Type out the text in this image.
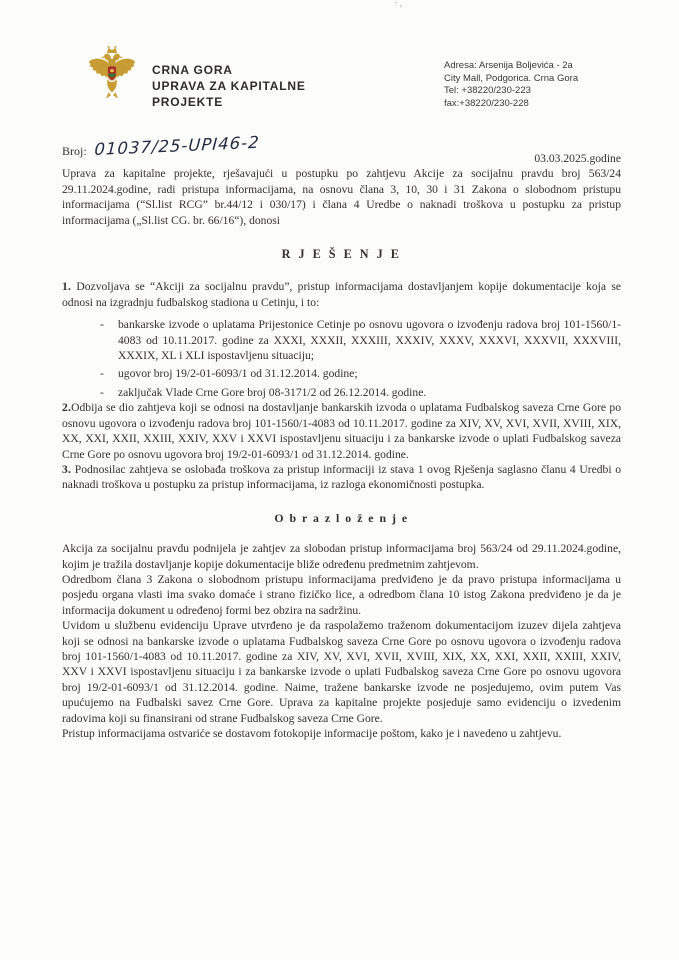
·‚
CRNA GORA
UPRAVA ZA KAPITALNE
PROJEKTE
Adresa: Arsenija Boljevića - 2a
City Mall, Podgorica. Crna Gora
Tel: +38220/230-223
fax:+38220/230-228
Broj: 01037/25-UPI46-2	03.03.2025.godine

Uprava za kapitalne projekte, rješavajući u postupku po zahtjevu Akcije za socijalnu pravdu broj 563/24 29.11.2024.godine, radi pristupa informacijama, na osnovu člana 3, 10, 30 i 31 Zakona o slobodnom pristupu informacijama (“Sl.list RCG” br.44/12 i 030/17) i člana 4 Uredbe o naknadi troškova u postupku za pristup informacijama („Sl.list CG. br. 66/16“), donosi

R J E Š E N J E

1. Dozvoljava se “Akciji za socijalnu pravdu”, pristup informacijama dostavljanjem kopije dokumentacije koja se odnosi na izgradnju fudbalskog stadiona u Cetinju, i to:

-	bankarske izvode o uplatama Prijestonice Cetinje po osnovu ugovora o izvođenju radova broj 101-1560/1-4083 od 10.11.2017. godine za XXXI, XXXII, XXXIII, XXXIV, XXXV, XXXVI, XXXVII, XXXVIII, XXXIX, XL i XLI ispostavljenu situaciju;
-	ugovor broj 19/2-01-6093/1 od 31.12.2014. godine;
-	zaključak Vlade Crne Gore broj 08-3171/2 od 26.12.2014. godine.

2.Odbija se dio zahtjeva koji se odnosi na dostavljanje bankarskih izvoda o uplatama Fudbalskog saveza Crne Gore po osnovu ugovora o izvođenju radova broj 101-1560/1-4083 od 10.11.2017. godine za XIV, XV, XVI, XVII, XVIII, XIX, XX, XXI, XXII, XXIII, XXIV, XXV i XXVI ispostavljenu situaciju i za bankarske izvode o uplati Fudbalskog saveza Crne Gore po osnovu ugovora broj 19/2-01-6093/1 od 31.12.2014. godine.

3. Podnosilac zahtjeva se oslobađa troškova za pristup informaciji iz stava 1 ovog Rješenja saglasno članu 4 Uredbi o naknadi troškova u postupku za pristup informacijama, iz razloga ekonomičnosti postupka.

O b r a z l o ž e n j e

Akcija za socijalnu pravdu podnijela je zahtjev za slobodan pristup informacijama broj 563/24 od 29.11.2024.godine, kojim je tražila dostavljanje kopije dokumentacije bliže određenu predmetnim zahtjevom.

Odredbom člana 3 Zakona o slobodnom pristupu informacijama predviđeno je da pravo pristupa informacijama u posjedu organa vlasti ima svako domaće i strano fizičko lice, a odredbom člana 10 istog Zakona predviđeno je da je informacija dokument u određenoj formi bez obzira na sadržinu.

Uvidom u službenu evidenciju Uprave utvrđeno je da raspolažemo traženom dokumentacijom izuzev dijela zahtjeva koji se odnosi na bankarske izvode o uplatama Fudbalskog saveza Crne Gore po osnovu ugovora o izvođenju radova broj 101-1560/1-4083 od 10.11.2017. godine za XIV, XV, XVI, XVII, XVIII, XIX, XX, XXI, XXII, XXIII, XXIV, XXV i XXVI ispostavljenu situaciju i za bankarske izvode o uplati Fudbalskog saveza Crne Gore po osnovu ugovora broj 19/2-01-6093/1 od 31.12.2014. godine. Naime, tražene bankarske izvode ne posjedujemo, ovim putem Vas upućujemo na Fudbalski savez Crne Gore. Uprava za kapitalne projekte posjeduje samo evidenciju o izvedenim radovima koji su finansirani od strane Fudbalskog saveza Crne Gore.

Pristup informacijama ostvariće se dostavom fotokopije informacije poštom, kako je i navedeno u zahtjevu.
